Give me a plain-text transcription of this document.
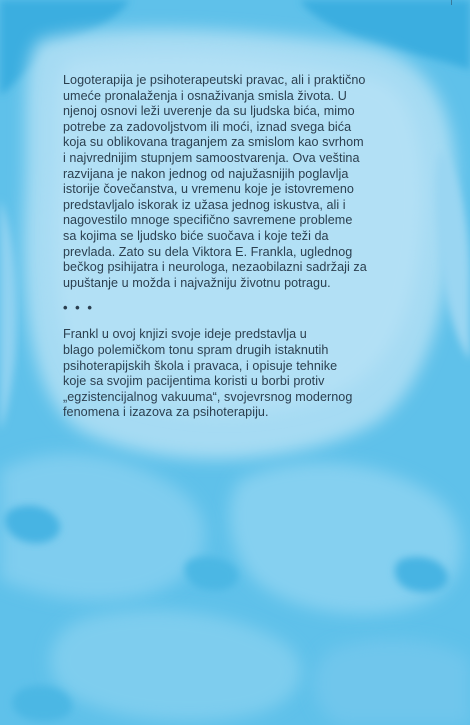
Logoterapija je psihoterapeutski pravac, ali i praktično
umeće pronalaženja i osnaživanja smisla života. U
njenoj osnovi leži uverenje da su ljudska bića, mimo
potrebe za zadovoljstvom ili moći, iznad svega bića
koja su oblikovana traganjem za smislom kao svrhom
i najvrednijim stupnjem samoostvarenja. Ova veština
razvijana je nakon jednog od najužasnijih poglavlja
istorije čovečanstva, u vremenu koje je istovremeno
predstavljalo iskorak iz užasa jednog iskustva, ali i
nagovestilo mnoge specifično savremene probleme
sa kojima se ljudsko biće suočava i koje teži da
prevlada. Zato su dela Viktora E. Frankla, uglednog
bečkog psihijatra i neurologa, nezaobilazni sadržaji za
upuštanje u možda i najvažniju životnu potragu.

• • •

Frankl u ovoj knjizi svoje ideje predstavlja u
blago polemičkom tonu spram drugih istaknutih
psihoterapijskih škola i pravaca, i opisuje tehnike
koje sa svojim pacijentima koristi u borbi protiv
„egzistencijalnog vakuuma“, svojevrsnog modernog
fenomena i izazova za psihoterapiju.
